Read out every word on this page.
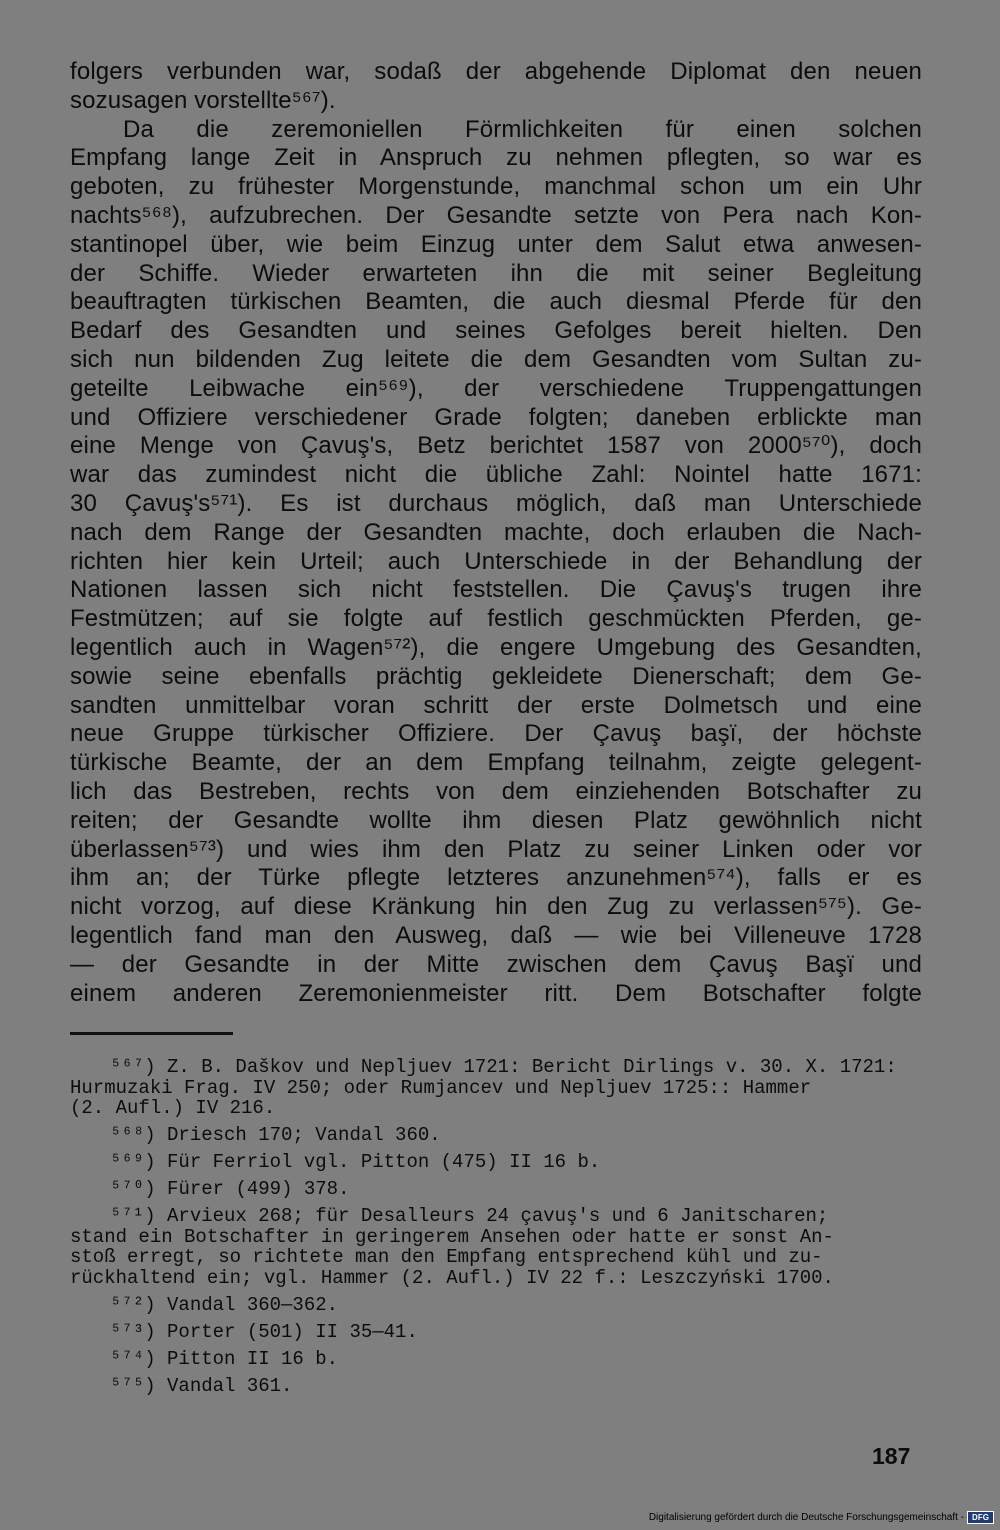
folgers verbunden war, sodaß der abgehende Diplomat den neuen
sozusagen vorstellte⁵⁶⁷).
Da die zeremoniellen Förmlichkeiten für einen solchen
Empfang lange Zeit in Anspruch zu nehmen pflegten, so war es
geboten, zu frühester Morgenstunde, manchmal schon um ein Uhr
nachts⁵⁶⁸), aufzubrechen. Der Gesandte setzte von Pera nach Kon-
stantinopel über, wie beim Einzug unter dem Salut etwa anwesen-
der Schiffe. Wieder erwarteten ihn die mit seiner Begleitung
beauftragten türkischen Beamten, die auch diesmal Pferde für den
Bedarf des Gesandten und seines Gefolges bereit hielten. Den
sich nun bildenden Zug leitete die dem Gesandten vom Sultan zu-
geteilte Leibwache ein⁵⁶⁹), der verschiedene Truppengattungen
und Offiziere verschiedener Grade folgten; daneben erblickte man
eine Menge von Çavuş's, Betz berichtet 1587 von 2000⁵⁷⁰), doch
war das zumindest nicht die übliche Zahl: Nointel hatte 1671:
30 Çavuş's⁵⁷¹). Es ist durchaus möglich, daß man Unterschiede
nach dem Range der Gesandten machte, doch erlauben die Nach-
richten hier kein Urteil; auch Unterschiede in der Behandlung der
Nationen lassen sich nicht feststellen. Die Çavuş's trugen ihre
Festmützen; auf sie folgte auf festlich geschmückten Pferden, ge-
legentlich auch in Wagen⁵⁷²), die engere Umgebung des Gesandten,
sowie seine ebenfalls prächtig gekleidete Dienerschaft; dem Ge-
sandten unmittelbar voran schritt der erste Dolmetsch und eine
neue Gruppe türkischer Offiziere. Der Çavuş başï, der höchste
türkische Beamte, der an dem Empfang teilnahm, zeigte gelegent-
lich das Bestreben, rechts von dem einziehenden Botschafter zu
reiten; der Gesandte wollte ihm diesen Platz gewöhnlich nicht
überlassen⁵⁷³) und wies ihm den Platz zu seiner Linken oder vor
ihm an; der Türke pflegte letzteres anzunehmen⁵⁷⁴), falls er es
nicht vorzog, auf diese Kränkung hin den Zug zu verlassen⁵⁷⁵). Ge-
legentlich fand man den Ausweg, daß — wie bei Villeneuve 1728
— der Gesandte in der Mitte zwischen dem Çavuş Başï und
einem anderen Zeremonienmeister ritt. Dem Botschafter folgte
⁵⁶⁷) Z. B. Daškov und Nepljuev 1721: Bericht Dirlings v. 30. X. 1721:
Hurmuzaki Frag. IV 250; oder Rumjancev und Nepljuev 1725:: Hammer
(2. Aufl.) IV 216.
⁵⁶⁸) Driesch 170; Vandal 360.
⁵⁶⁹) Für Ferriol vgl. Pitton (475) II 16 b.
⁵⁷⁰) Fürer (499) 378.
⁵⁷¹) Arvieux 268; für Desalleurs 24 çavuş's und 6 Janitscharen;
stand ein Botschafter in geringerem Ansehen oder hatte er sonst An-
stoß erregt, so richtete man den Empfang entsprechend kühl und zu-
rückhaltend ein; vgl. Hammer (2. Aufl.) IV 22 f.: Leszczyński 1700.
⁵⁷²) Vandal 360—362.
⁵⁷³) Porter (501) II 35—41.
⁵⁷⁴) Pitton II 16 b.
⁵⁷⁵) Vandal 361.
187
Digitalisierung gefördert durch die Deutsche Forschungsgemeinschaft -	DFG
